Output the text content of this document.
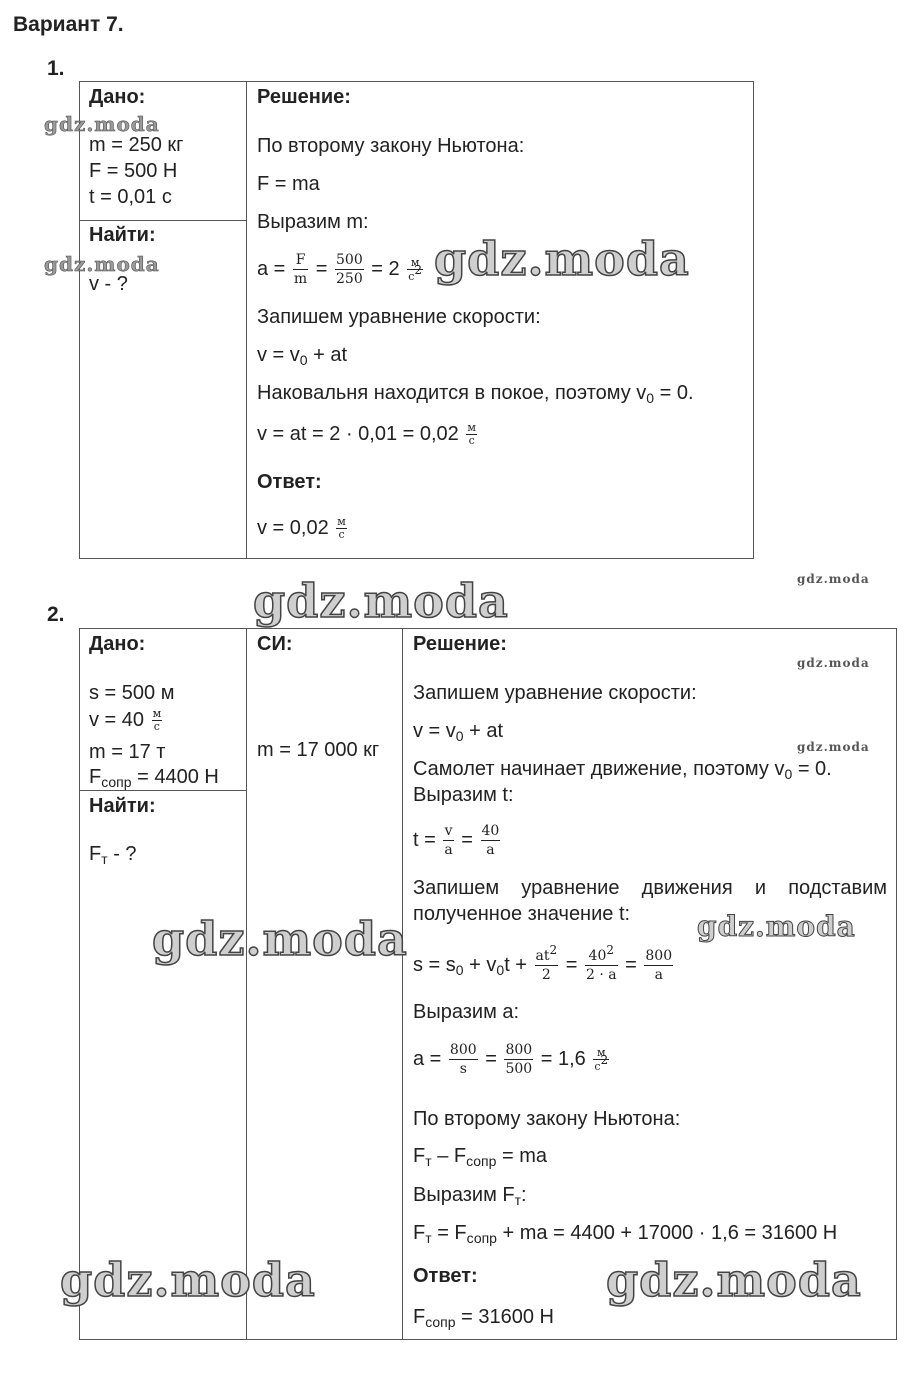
Вариант 7.
1.
Дано:
m = 250 кг
F = 500 Н
t = 0,01 с
Найти:
v - ?
Решение:
По второму закону Ньютона:
F = ma
Выразим m:
$a = \frac{F}{m} = \frac{500}{250} = 2$	м
$с^2$
Запишем уравнение скорости:
$v = v_0$ + at
Наковальня находится в покое, поэтому $v_0 = 0$.
v = at = 2 · 0,01 = 0,02 м
с
Ответ:
v = 0,02 м
с
2.
Дано:
s = 500 м
v = 40 м
с
m = 17 т
$F_{сопр} = 4400$ Н
Найти:
$F_т$ - ?
СИ:
m = 17 000 кг
Решение:
Запишем уравнение скорости:
$v = v_0$ + at
Самолет начинает движение, поэтому $v_0 = 0$.
Выразим t:
$t = \frac{v}{a} = \frac{40}{a}$
Запишем уравнение движения и подставим
полученное значение t:
$s = s_0 + v_0t + \frac{at^2}{2} = \frac{40^2}{2 \cdot a} = \frac{800}{a}$
Выразим a:
$a = \frac{800}{s} = \frac{800}{500} = 1,6$	м
$с^2$
По второму закону Ньютона:
$F_т - F_{сопр}$ = ma
Выразим $F_т$:
$F_т = F_{сопр}$ + ma = 4400 + 17000 · 1,6 = 31600 Н
Ответ:
$F_{сопр} = 31600$ Н
gdz.moda
gdz.moda	gdz.moda
gdz.moda
gdz.moda
gdz.moda
gdz.moda
gdz.moda	gdz.moda
gdz.moda	gdz.moda
